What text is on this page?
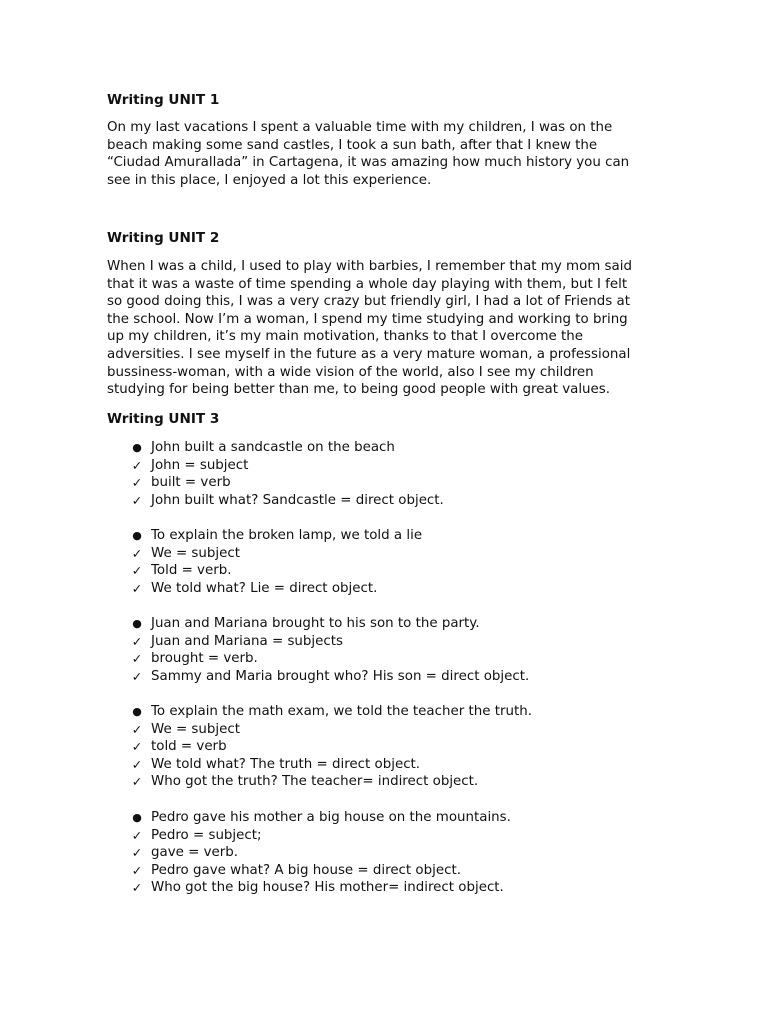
Writing UNIT 1

On my last vacations I spent a valuable time with my children, I was on the
beach making some sand castles, I took a sun bath, after that I knew the
“Ciudad Amurallada” in Cartagena, it was amazing how much history you can
see in this place, I enjoyed a lot this experience.

Writing UNIT 2

When I was a child, I used to play with barbies, I remember that my mom said
that it was a waste of time spending a whole day playing with them, but I felt
so good doing this, I was a very crazy but friendly girl, I had a lot of Friends at
the school. Now I’m a woman, I spend my time studying and working to bring
up my children, it’s my main motivation, thanks to that I overcome the
adversities. I see myself in the future as a very mature woman, a professional
bussiness-woman, with a wide vision of the world, also I see my children
studying for being better than me, to being good people with great values.

Writing UNIT 3
● John built a sandcastle on the beach
✓ John = subject
✓ built = verb
✓ John built what? Sandcastle = direct object.
● To explain the broken lamp, we told a lie
✓ We = subject
✓ Told = verb.
✓ We told what? Lie = direct object.
● Juan and Mariana brought to his son to the party.
✓ Juan and Mariana = subjects
✓ brought = verb.
✓ Sammy and Maria brought who? His son = direct object.
● To explain the math exam, we told the teacher the truth.
✓ We = subject
✓ told = verb
✓ We told what? The truth = direct object.
✓ Who got the truth? The teacher= indirect object.
● Pedro gave his mother a big house on the mountains.
✓ Pedro = subject;
✓ gave = verb.
✓ Pedro gave what? A big house = direct object.
✓ Who got the big house? His mother= indirect object.
